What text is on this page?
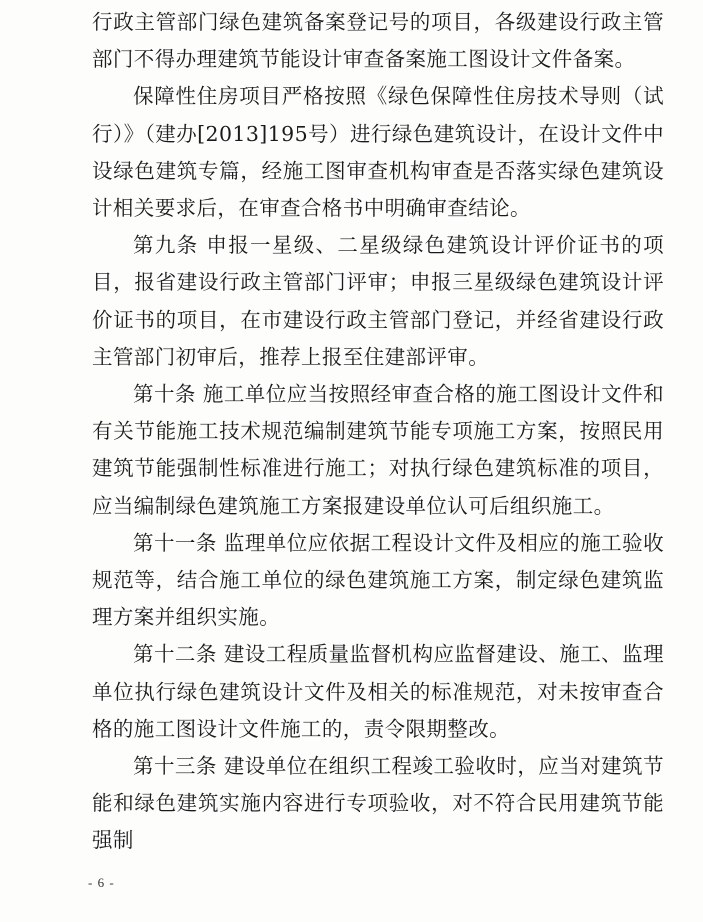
行政主管部门绿色建筑备案登记号的项目，各级建设行政主管部门不得办理建筑节能设计审查备案施工图设计文件备案。

保障性住房项目严格按照《绿色保障性住房技术导则（试行）》（建办[2013]195号）进行绿色建筑设计，在设计文件中设绿色建筑专篇，经施工图审查机构审查是否落实绿色建筑设计相关要求后，在审查合格书中明确审查结论。

第九条 申报一星级、二星级绿色建筑设计评价证书的项目，报省建设行政主管部门评审；申报三星级绿色建筑设计评价证书的项目，在市建设行政主管部门登记，并经省建设行政主管部门初审后，推荐上报至住建部评审。

第十条 施工单位应当按照经审查合格的施工图设计文件和有关节能施工技术规范编制建筑节能专项施工方案，按照民用建筑节能强制性标准进行施工；对执行绿色建筑标准的项目，应当编制绿色建筑施工方案报建设单位认可后组织施工。

第十一条 监理单位应依据工程设计文件及相应的施工验收规范等，结合施工单位的绿色建筑施工方案，制定绿色建筑监理方案并组织实施。

第十二条 建设工程质量监督机构应监督建设、施工、监理单位执行绿色建筑设计文件及相关的标准规范，对未按审查合格的施工图设计文件施工的，责令限期整改。

第十三条 建设单位在组织工程竣工验收时，应当对建筑节能和绿色建筑实施内容进行专项验收，对不符合民用建筑节能强制

- 6 -
